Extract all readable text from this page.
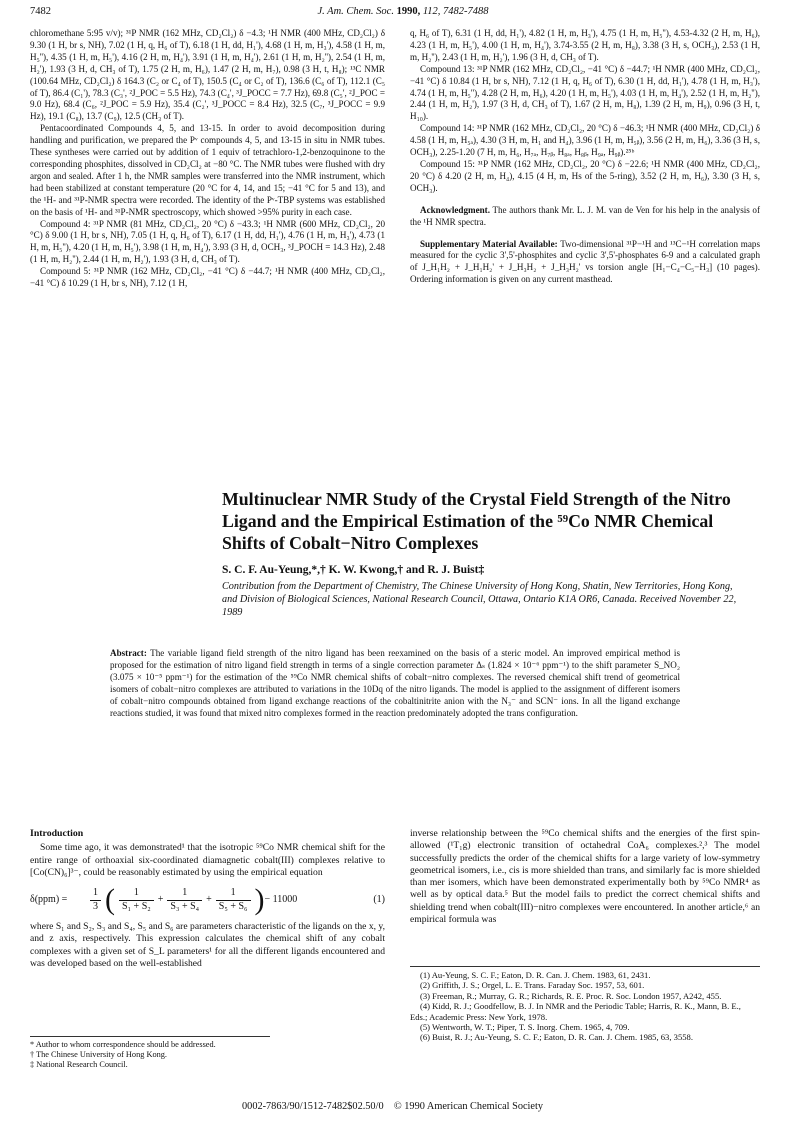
7482	J. Am. Chem. Soc. 1990, 112, 7482-7488

chloromethane 5:95 v/v); ³¹P NMR (162 MHz, CD₂Cl₂) δ −4.3; ¹H NMR (400 MHz, CD₂Cl₂) δ 9.30 (1 H, br s, NH), 7.02 (1 H, q, H₆ of T), 6.18 (1 H, dd, H₁'), 4.68 (1 H, m, H₃'), 4.58 (1 H, m, H₅''), 4.35 (1 H, m, H₅'), 4.16 (2 H, m, H₄'), 3.91 (1 H, m, H₄'), 2.61 (1 H, m, H₂''), 2.54 (1 H, m, H₂'), 1.93 (3 H, d, CH₃ of T), 1.75 (2 H, m, H₆), 1.47 (2 H, m, H₇), 0.98 (3 H, t, H₈); ¹³C NMR (100.64 MHz, CD₂Cl₂) δ 164.3 (C₂ or C₄ of T), 150.5 (C₄ or C₂ of T), 136.6 (C₆ of T), 112.1 (C₅ of T), 86.4 (C₁'), 78.3 (C₃', ²J_POC = 5.5 Hz), 74.3 (C₄', ³J_POCC = 7.7 Hz), 69.8 (C₅', ²J_POC = 9.0 Hz), 68.4 (C₆, ²J_POC = 5.9 Hz), 35.4 (C₂', ³J_POCC = 8.4 Hz), 32.5 (C₇, ³J_POCC = 9.9 Hz), 19.1 (C₈), 13.7 (C₉), 12.5 (CH₃ of T).

Pentacoordinated Compounds 4, 5, and 13-15. In order to avoid decomposition during handling and purification, we prepared the Pᵛ compounds 4, 5, and 13-15 in situ in NMR tubes. These syntheses were carried out by addition of 1 equiv of tetrachloro-1,2-benzoquinone to the corresponding phosphites, dissolved in CD₂Cl₂ at −80 °C. The NMR tubes were flushed with dry argon and sealed. After 1 h, the NMR samples were transferred into the NMR instrument, which had been stabilized at constant temperature (20 °C for 4, 14, and 15; −41 °C for 5 and 13), and the ¹H- and ³¹P-NMR spectra were recorded. The identity of the Pᵛ-TBP systems was established on the basis of ¹H- and ³¹P-NMR spectroscopy, which showed >95% purity in each case.

Compound 4: ³¹P NMR (81 MHz, CD₂Cl₂, 20 °C) δ −43.3; ¹H NMR (600 MHz, CD₂Cl₂, 20 °C) δ 9.00 (1 H, br s, NH), 7.05 (1 H, q, H₆ of T), 6.17 (1 H, dd, H₁'), 4.76 (1 H, m, H₃'), 4.73 (1 H, m, H₅''), 4.20 (1 H, m, H₅'), 3.98 (1 H, m, H₄'), 3.93 (3 H, d, OCH₃, ³J_POCH = 14.3 Hz), 2.48 (1 H, m, H₂''), 2.44 (1 H, m, H₂'), 1.93 (3 H, d, CH₃ of T).

Compound 5: ³¹P NMR (162 MHz, CD₂Cl₂, −41 °C) δ −44.7; ¹H NMR (400 MHz, CD₂Cl₂, −41 °C) δ 10.29 (1 H, br s, NH), 7.12 (1 H,

q, H₆ of T), 6.31 (1 H, dd, H₁'), 4.82 (1 H, m, H₃'), 4.75 (1 H, m, H₅''), 4.53-4.32 (2 H, m, H₆), 4.23 (1 H, m, H₅'), 4.00 (1 H, m, H₄'), 3.74-3.55 (2 H, m, H₈), 3.38 (3 H, s, OCH₃), 2.53 (1 H, m, H₂''), 2.43 (1 H, m, H₂'), 1.96 (3 H, d, CH₃ of T).

Compound 13: ³¹P NMR (162 MHz, CD₂Cl₂, −41 °C) δ −44.7; ¹H NMR (400 MHz, CD₂Cl₂, −41 °C) δ 10.84 (1 H, br s, NH), 7.12 (1 H, q, H₆ of T), 6.30 (1 H, dd, H₁'), 4.78 (1 H, m, H₃'), 4.74 (1 H, m, H₅''), 4.28 (2 H, m, H₆), 4.20 (1 H, m, H₅'), 4.03 (1 H, m, H₄'), 2.52 (1 H, m, H₂''), 2.44 (1 H, m, H₂'), 1.97 (3 H, d, CH₃ of T), 1.67 (2 H, m, H₈), 1.39 (2 H, m, H₉), 0.96 (3 H, t, H₁₀).

Compound 14: ³¹P NMR (162 MHz, CD₂Cl₂, 20 °C) δ −46.3; ¹H NMR (400 MHz, CD₂Cl₂) δ 4.58 (1 H, m, H₅ₐ), 4.30 (3 H, m, H₁ and H₄), 3.96 (1 H, m, H₅ᵦ), 3.56 (2 H, m, H₆), 3.36 (3 H, s, OCH₃), 2.25-1.20 (7 H, m, H₆, H₇ₐ, H₇ᵦ, H₈ₐ, H₈ᵦ, H₉ₐ, H₉ᵦ).²⁵ᵇ

Compound 15: ³¹P NMR (162 MHz, CD₂Cl₂, 20 °C) δ −22.6; ¹H NMR (400 MHz, CD₂Cl₂, 20 °C) δ 4.20 (2 H, m, H₄), 4.15 (4 H, m, Hs of the 5-ring), 3.52 (2 H, m, H₆), 3.30 (3 H, s, OCH₃).

Acknowledgment. The authors thank Mr. L. J. M. van de Ven for his help in the analysis of the ¹H NMR spectra.

Supplementary Material Available: Two-dimensional ³¹P−¹H and ¹³C−¹H correlation maps measured for the cyclic 3',5'-phosphites and cyclic 3',5'-phosphates 6-9 and a calculated graph of J_H₁H₂ + J_H₁H₂' + J_H₃H₂ + J_H₃H₂' vs torsion angle [H₁−C₄−C₅−H₃] (10 pages). Ordering information is given on any current masthead.

Multinuclear NMR Study of the Crystal Field Strength of the Nitro Ligand and the Empirical Estimation of the ⁵⁹Co NMR Chemical Shifts of Cobalt−Nitro Complexes
S. C. F. Au-Yeung,*,† K. W. Kwong,† and R. J. Buist‡
Contribution from the Department of Chemistry, The Chinese University of Hong Kong, Shatin, New Territories, Hong Kong, and Division of Biological Sciences, National Research Council, Ottawa, Ontario K1A OR6, Canada. Received November 22, 1989
Abstract: The variable ligand field strength of the nitro ligand has been reexamined on the basis of a steric model. An improved empirical method is proposed for the estimation of nitro ligand field strength in terms of a single correction parameter Δₛ (1.824 × 10⁻⁶ ppm⁻¹) to the shift parameter S_NO₂ (3.075 × 10⁻⁵ ppm⁻¹) for the estimation of the ⁵⁹Co NMR chemical shifts of cobalt−nitro complexes. The reversed chemical shift trend of geometrical isomers of cobalt−nitro complexes are attributed to variations in the 10Dq of the nitro ligands. The model is applied to the assignment of different isomers of cobalt−nitro compounds obtained from ligand exchange reactions of the cobaltinitrite anion with the N₃⁻ and SCN⁻ ions. In all the ligand exchange reactions studied, it was found that mixed nitro complexes formed in the reaction predominately adopted the trans configuration.
Introduction

Some time ago, it was demonstrated¹ that the isotropic ⁵⁹Co NMR chemical shift for the entire range of orthoaxial six-coordinated diamagnetic cobalt(III) complexes relative to [Co(CN)₆]³⁻, could be reasonably estimated by using the empirical equation

δ(ppm) =	$\frac{1}{3}$ ( $\frac{1}{\text{S₁ + S₂}} + \frac{1}{\text{S₃ + S₄}} + \frac{1}{\text{S₅ + S₆}}$ ) − 11000	(1)

where S₁ and S₂, S₃ and S₄, S₅ and S₆ are parameters characteristic of the ligands on the x, y, and z axis, respectively. This expression calculates the chemical shift of any cobalt complexes with a given set of S_L parameters¹ for all the different ligands encountered and was developed based on the well-established

inverse relationship between the ⁵⁹Co chemical shifts and the energies of the first spin-allowed (¹T₁g) electronic transition of octahedral CoA₆ complexes.²,³ The model successfully predicts the order of the chemical shifts for a large variety of low-symmetry geometrical isomers, i.e., cis is more shielded than trans, and similarly fac is more shielded than mer isomers, which have been demonstrated experimentally both by ⁵⁹Co NMR⁴ as well as by optical data.⁵ But the model fails to predict the correct chemical shifts and shielding trend when cobalt(III)−nitro complexes were encountered. In another article,⁶ an empirical formula was

* Author to whom correspondence should be addressed.
† The Chinese University of Hong Kong.
‡ National Research Council.
(1) Au-Yeung, S. C. F.; Eaton, D. R. Can. J. Chem. 1983, 61, 2431.
(2) Griffith, J. S.; Orgel, L. E. Trans. Faraday Soc. 1957, 53, 601.
(3) Freeman, R.; Murray, G. R.; Richards, R. E. Proc. R. Soc. London 1957, A242, 455.
(4) Kidd, R. J.; Goodfellow, B. J. In NMR and the Periodic Table; Harris, R. K., Mann, B. E., Eds.; Academic Press: New York, 1978.
(5) Wentworth, W. T.; Piper, T. S. Inorg. Chem. 1965, 4, 709.
(6) Buist, R. J.; Au-Yeung, S. C. F.; Eaton, D. R. Can. J. Chem. 1985, 63, 3558.
0002-7863/90/1512-7482$02.50/0 © 1990 American Chemical Society
